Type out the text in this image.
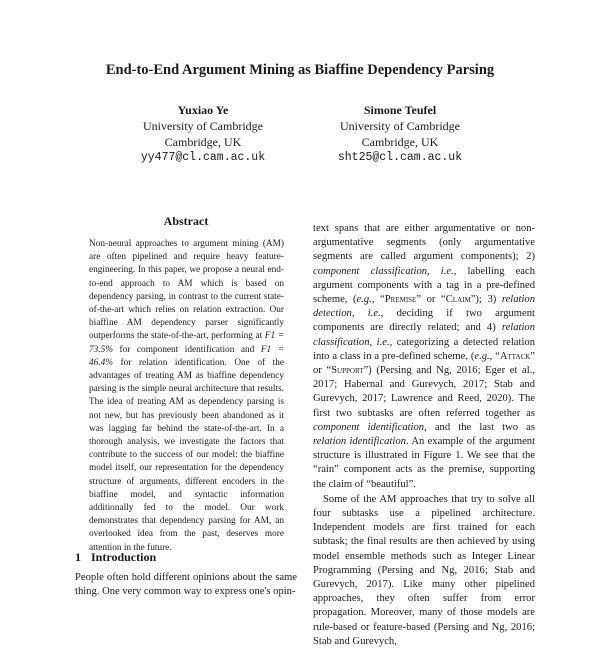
End-to-End Argument Mining as Biaffine Dependency Parsing
Yuxiao Ye
University of Cambridge
Cambridge, UK
yy477@cl.cam.ac.uk
Simone Teufel
University of Cambridge
Cambridge, UK
sht25@cl.cam.ac.uk
Abstract

Non-neural approaches to argument mining (AM) are often pipelined and require heavy feature-engineering. In this paper, we propose a neural end-to-end approach to AM which is based on dependency parsing, in contrast to the current state-of-the-art which relies on relation extraction. Our biaffine AM dependency parser significantly outperforms the state-of-the-art, performing at F1 = 73.5% for component identification and F1 = 46.4% for relation identification. One of the advantages of treating AM as biaffine dependency parsing is the simple neural architecture that results. The idea of treating AM as dependency parsing is not new, but has previously been abandoned as it was lagging far behind the state-of-the-art. In a thorough analysis, we investigate the factors that contribute to the success of our model: the biaffine model itself, our representation for the dependency structure of arguments, different encoders in the biaffine model, and syntactic information additionally fed to the model. Our work demonstrates that dependency parsing for AM, an overlooked idea from the past, deserves more attention in the future.

1 Introduction

People often hold different opinions about the same thing. One very common way to express one's opin-

text spans that are either argumentative or non-argumentative segments (only argumentative segments are called argument components); 2) component classification, i.e., labelling each argument components with a tag in a pre-defined scheme, (e.g., “Premise” or “Claim”); 3) relation detection, i.e., deciding if two argument components are directly related; and 4) relation classification, i.e., categorizing a detected relation into a class in a pre-defined scheme, (e.g., “Attack” or “Support”) (Persing and Ng, 2016; Eger et al., 2017; Habernal and Gurevych, 2017; Stab and Gurevych, 2017; Lawrence and Reed, 2020). The first two subtasks are often referred together as component identification, and the last two as relation identification. An example of the argument structure is illustrated in Figure 1. We see that the “rain” component acts as the premise, supporting the claim of “beautiful”.

Some of the AM approaches that try to solve all four subtasks use a pipelined architecture. Independent models are first trained for each subtask; the final results are then achieved by using model ensemble methods such as Integer Linear Programming (Persing and Ng, 2016; Stab and Gurevych, 2017). Like many other pipelined approaches, they often suffer from error propagation. Moreover, many of those models are rule-based or feature-based (Persing and Ng, 2016; Stab and Gurevych,
